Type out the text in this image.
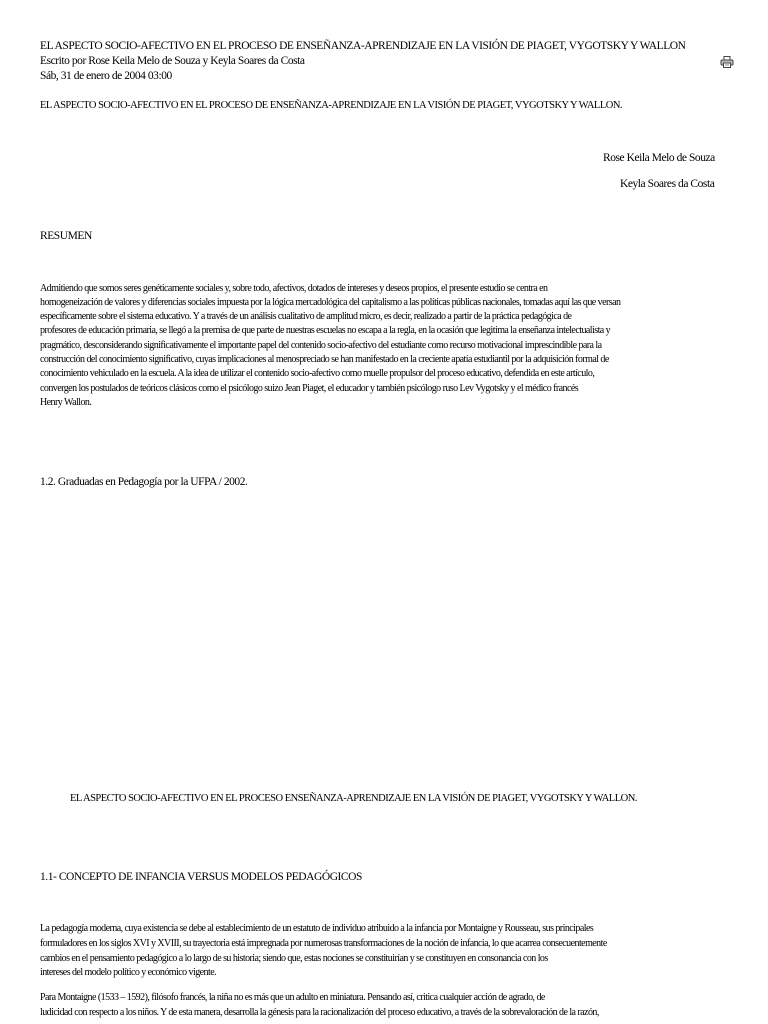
EL ASPECTO SOCIO-AFECTIVO EN EL PROCESO DE ENSEÑANZA-APRENDIZAJE EN LA VISIÓN DE PIAGET, VYGOTSKY Y WALLON
Escrito por Rose Keila Melo de Souza y Keyla Soares da Costa
Sáb, 31 de enero de 2004 03:00
EL ASPECTO SOCIO-AFECTIVO EN EL PROCESO DE ENSEÑANZA-APRENDIZAJE EN LA VISIÓN DE PIAGET, VYGOTSKY Y WALLON.
Rose Keila Melo de Souza
Keyla Soares da Costa
RESUMEN
Admitiendo que somos seres genéticamente sociales y, sobre todo, afectivos, dotados de intereses y deseos propios, el presente estudio se centra en
homogeneización de valores y diferencias sociales impuesta por la lógica mercadológica del capitalismo a las políticas públicas nacionales, tomadas aquí las que versan
específicamente sobre el sistema educativo. Y a través de un análisis cualitativo de amplitud micro, es decir, realizado a partir de la práctica pedagógica de
profesores de educación primaria, se llegó a la premisa de que parte de nuestras escuelas no escapa a la regla, en la ocasión que legitima la enseñanza intelectualista y
pragmático, desconsiderando significativamente el importante papel del contenido socio-afectivo del estudiante como recurso motivacional imprescindible para la
construcción del conocimiento significativo, cuyas implicaciones al menospreciado se han manifestado en la creciente apatía estudiantil por la adquisición formal de
conocimiento vehiculado en la escuela. A la idea de utilizar el contenido socio-afectivo como muelle propulsor del proceso educativo, defendida en este artículo,
convergen los postulados de teóricos clásicos como el psicólogo suizo Jean Piaget, el educador y también psicólogo ruso Lev Vygotsky y el médico francés
Henry Wallon.
1.2. Graduadas en Pedagogía por la UFPA / 2002.
EL ASPECTO SOCIO-AFECTIVO EN EL PROCESO ENSEÑANZA-APRENDIZAJE EN LA VISIÓN DE PIAGET, VYGOTSKY Y WALLON.
1.1- CONCEPTO DE INFANCIA VERSUS MODELOS PEDAGÓGICOS
La pedagogía moderna, cuya existencia se debe al establecimiento de un estatuto de individuo atribuido a la infancia por Montaigne y Rousseau, sus principales
formuladores en los siglos XVI y XVIII, su trayectoria está impregnada por numerosas transformaciones de la noción de infancia, lo que acarrea consecuentemente
cambios en el pensamiento pedagógico a lo largo de su historia; siendo que, estas nociones se constituirían y se constituyen en consonancia con los
intereses del modelo político y económico vigente.
Para Montaigne (1533 – 1592), filósofo francés, la niña no es más que un adulto en miniatura. Pensando así, critica cualquier acción de agrado, de
ludicidad con respecto a los niños. Y de esta manera, desarrolla la génesis para la racionalización del proceso educativo, a través de la sobrevaloración de la razón,
